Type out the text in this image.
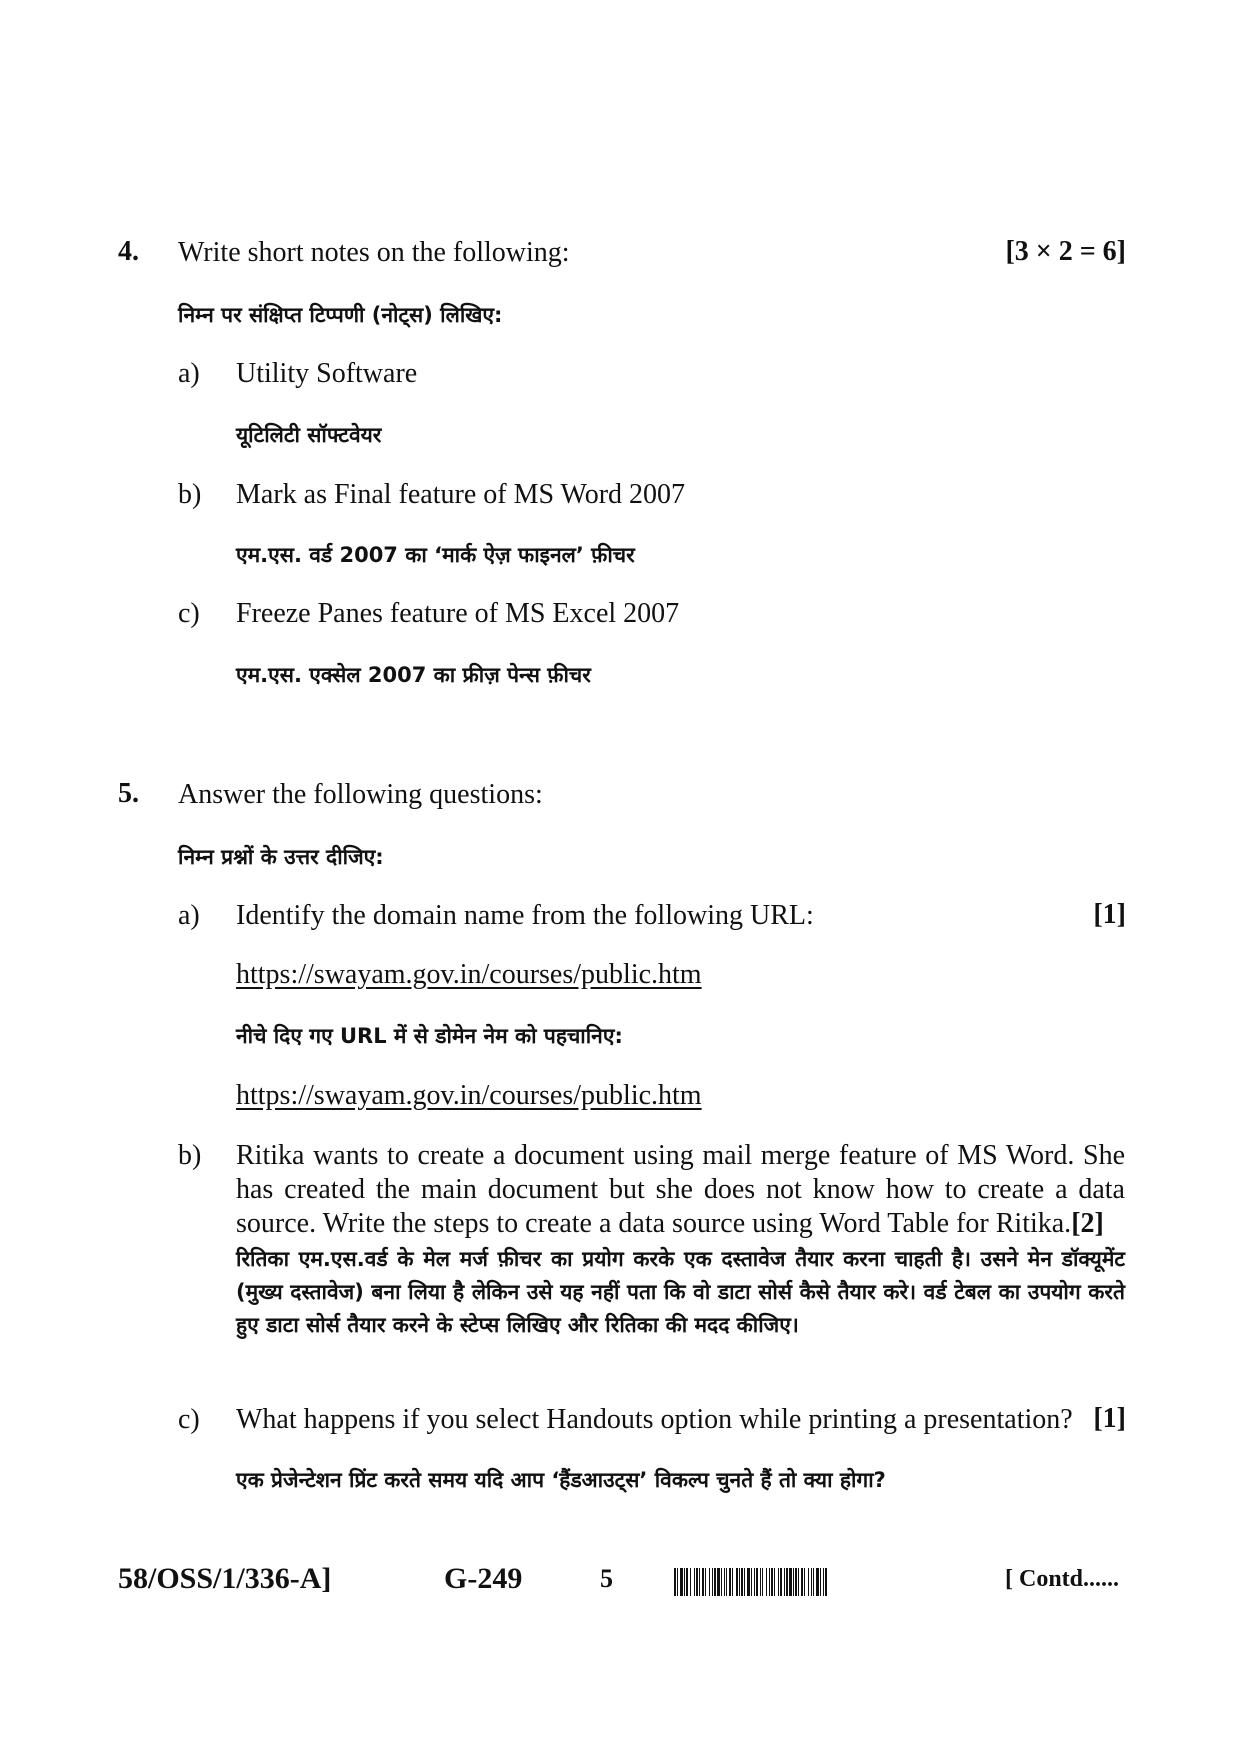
4. Write short notes on the following:	[3 × 2 = 6]
निम्न पर संक्षिप्त टिप्पणी (नोट्स) लिखिए:
a) Utility Software
यूटिलिटी सॉफ्टवेयर
b) Mark as Final feature of MS Word 2007
एम.एस. वर्ड 2007 का ‘मार्क ऐज़ फाइनल’ फ़ीचर
c) Freeze Panes feature of MS Excel 2007
एम.एस. एक्सेल 2007 का फ्रीज़ पेन्स फ़ीचर
5. Answer the following questions:
निम्न प्रश्नों के उत्तर दीजिए:
a) Identify the domain name from the following URL:	[1]
https://swayam.gov.in/courses/public.htm
नीचे दिए गए URL में से डोमेन नेम को पहचानिए:
https://swayam.gov.in/courses/public.htm
b) Ritika wants to create a document using mail merge feature of MS Word. She has created the main document but she does not know how to create a data source. Write the steps to create a data source using Word Table for Ritika.[2]
रितिका एम.एस.वर्ड के मेल मर्ज फ़ीचर का प्रयोग करके एक दस्तावेज तैयार करना चाहती है। उसने मेन डॉक्यूमेंट (मुख्य दस्तावेज) बना लिया है लेकिन उसे यह नहीं पता कि वो डाटा सोर्स कैसे तैयार करे। वर्ड टेबल का उपयोग करते हुए डाटा सोर्स तैयार करने के स्टेप्स लिखिए और रितिका की मदद कीजिए।
c) What happens if you select Handouts option while printing a presentation? [1]
एक प्रेजेन्टेशन प्रिंट करते समय यदि आप ‘हैंडआउट्स’ विकल्प चुनते हैं तो क्या होगा?
58/OSS/1/336-A]	G-249	5	[ Contd......
